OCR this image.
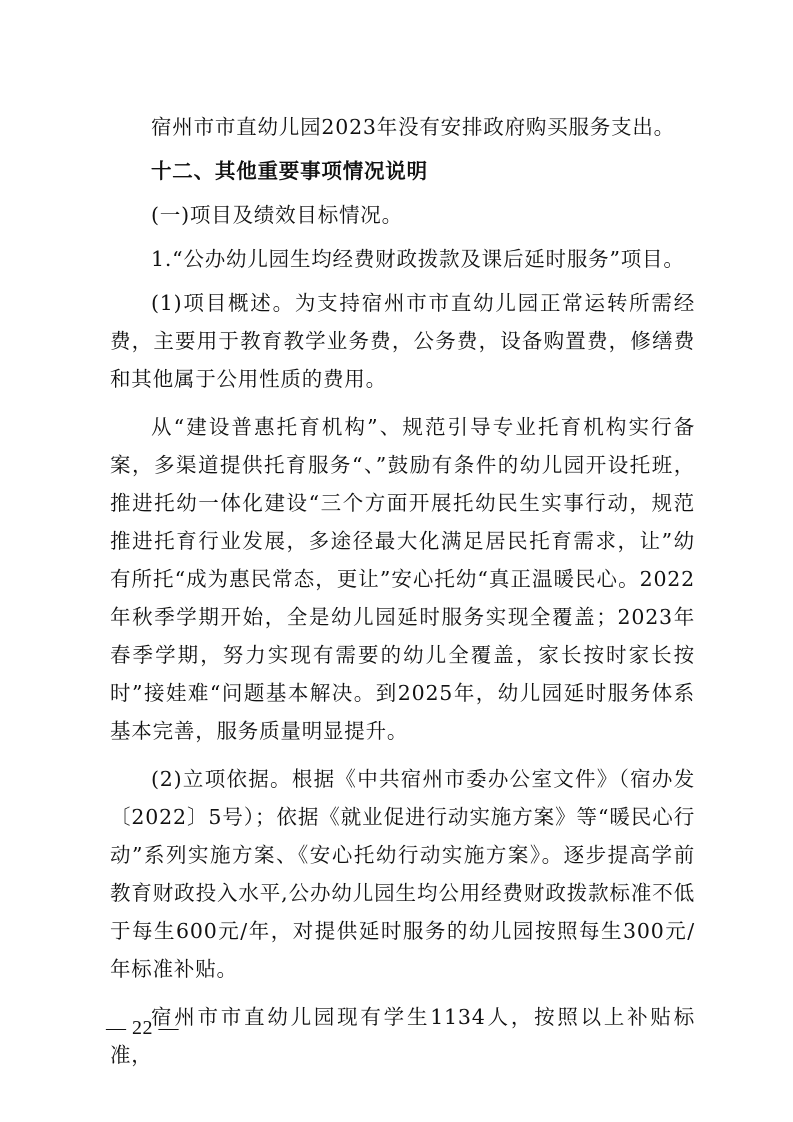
宿州市市直幼儿园2023年没有安排政府购买服务支出。

十二、其他重要事项情况说明

(一)项目及绩效目标情况。

1.“公办幼儿园生均经费财政拨款及课后延时服务”项目。

(1)项目概述。为支持宿州市市直幼儿园正常运转所需经费，主要用于教育教学业务费，公务费，设备购置费，修缮费和其他属于公用性质的费用。

从“建设普惠托育机构”、规范引导专业托育机构实行备案，多渠道提供托育服务“、”鼓励有条件的幼儿园开设托班，推进托幼一体化建设“三个方面开展托幼民生实事行动，规范推进托育行业发展，多途径最大化满足居民托育需求，让”幼有所托“成为惠民常态，更让”安心托幼“真正温暖民心。2022年秋季学期开始，全是幼儿园延时服务实现全覆盖；2023年春季学期，努力实现有需要的幼儿全覆盖，家长按时家长按时”接娃难“问题基本解决。到2025年，幼儿园延时服务体系基本完善，服务质量明显提升。

(2)立项依据。根据《中共宿州市委办公室文件》（宿办发〔2022〕5号）；依据《就业促进行动实施方案》等“暖民心行动”系列实施方案、《安心托幼行动实施方案》。逐步提高学前教育财政投入水平,公办幼儿园生均公用经费财政拨款标准不低于每生600元/年，对提供延时服务的幼儿园按照每生300元/年标准补贴。

宿州市市直幼儿园现有学生1134人，按照以上补贴标准，

— 22 —
